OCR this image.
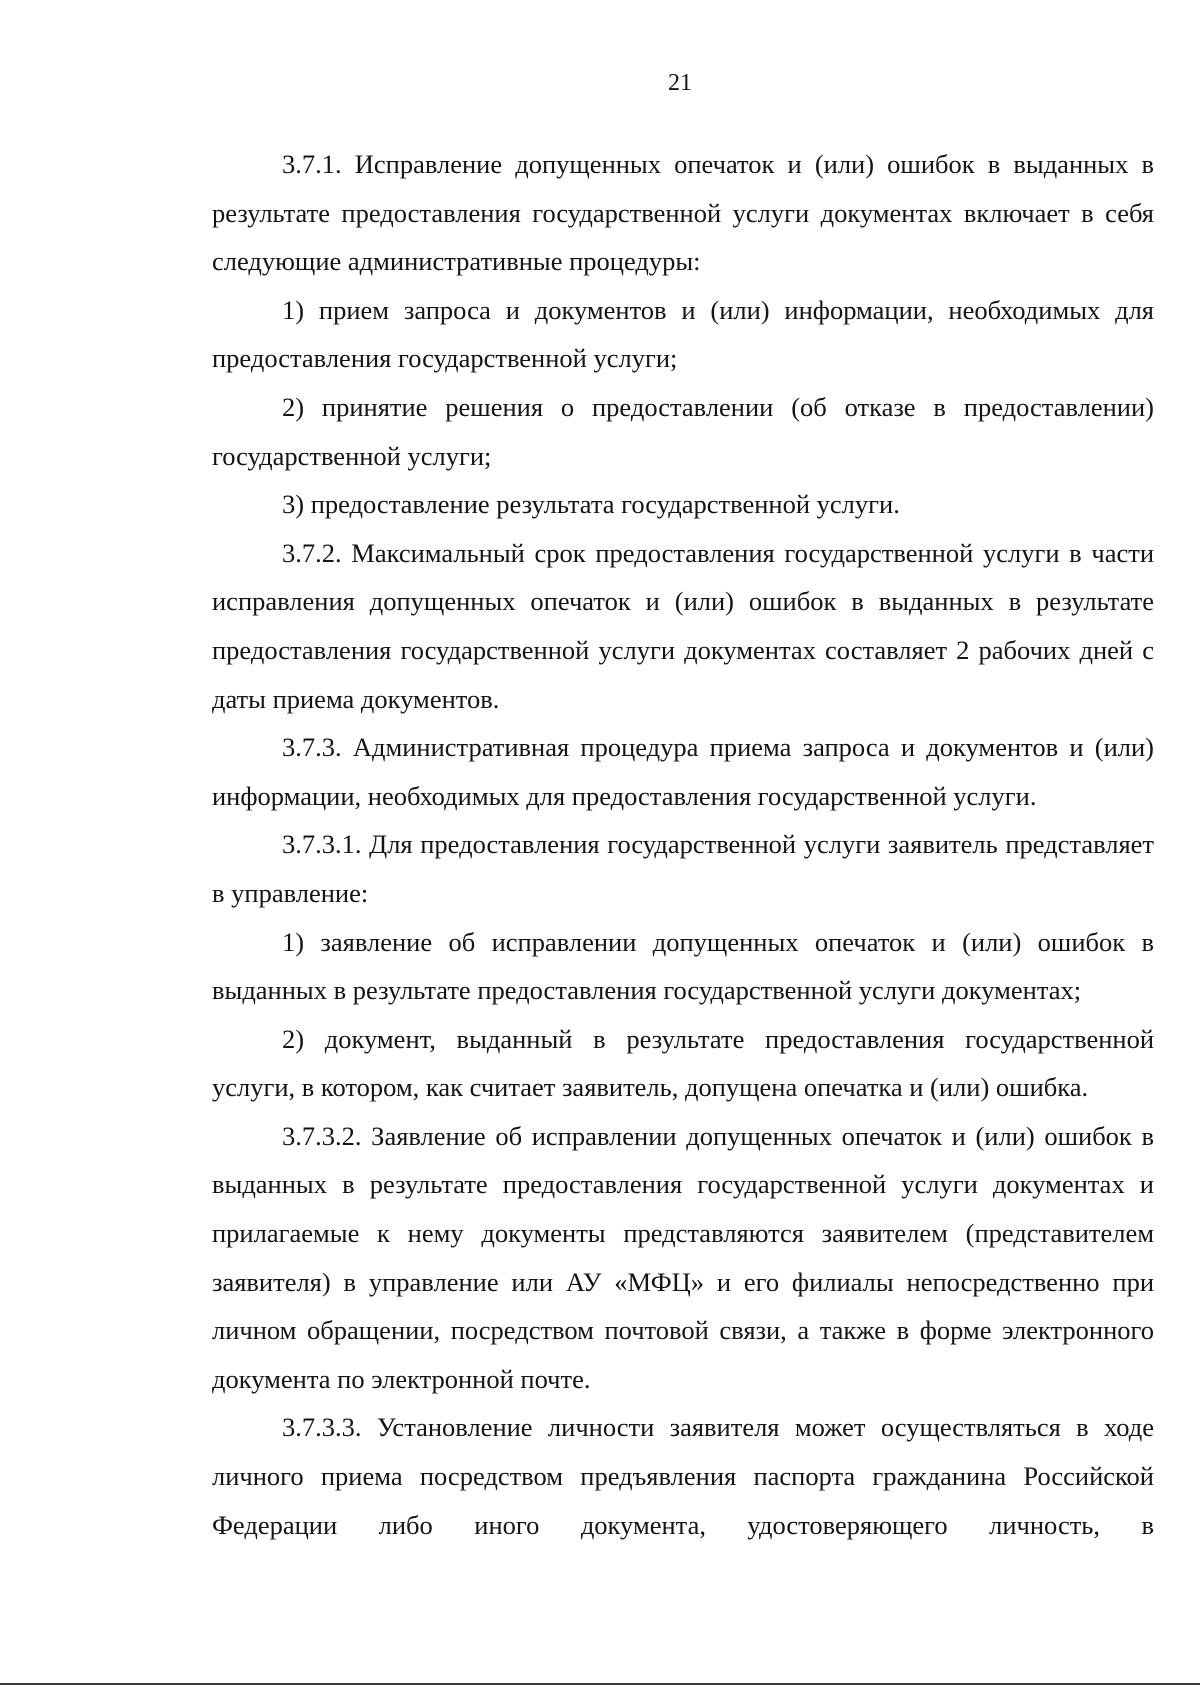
21

3.7.1. Исправление допущенных опечаток и (или) ошибок в выданных в результате предоставления государственной услуги документах включает в себя следующие административные процедуры:

1) прием запроса и документов и (или) информации, необходимых для предоставления государственной услуги;

2) принятие решения о предоставлении (об отказе в предоставлении) государственной услуги;

3) предоставление результата государственной услуги.

3.7.2. Максимальный срок предоставления государственной услуги в части исправления допущенных опечаток и (или) ошибок в выданных в результате предоставления государственной услуги документах составляет 2 рабочих дней с даты приема документов.

3.7.3. Административная процедура приема запроса и документов и (или) информации, необходимых для предоставления государственной услуги.

3.7.3.1. Для предоставления государственной услуги заявитель представляет в управление:

1) заявление об исправлении допущенных опечаток и (или) ошибок в выданных в результате предоставления государственной услуги документах;

2) документ, выданный в результате предоставления государственной услуги, в котором, как считает заявитель, допущена опечатка и (или) ошибка.

3.7.3.2. Заявление об исправлении допущенных опечаток и (или) ошибок в выданных в результате предоставления государственной услуги документах и прилагаемые к нему документы представляются заявителем (представителем заявителя) в управление или АУ «МФЦ» и его филиалы непосредственно при личном обращении, посредством почтовой связи, а также в форме электронного документа по электронной почте.

3.7.3.3. Установление личности заявителя может осуществляться в ходе личного приема посредством предъявления паспорта гражданина Российской Федерации либо иного документа, удостоверяющего личность, в
